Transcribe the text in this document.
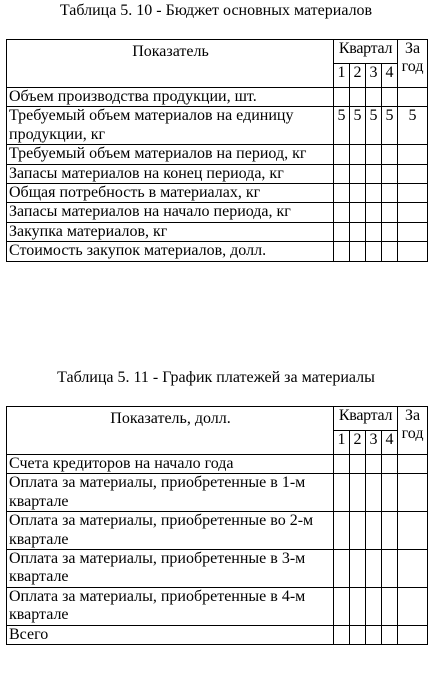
Таблица 5. 10 - Бюджет основных материалов
Показатель	Квартал				За год
	1	2	3	4	
Объем производства продукции, шт.					
Требуемый объем материалов на единицу продукции, кг	5	5	5	5	5
Требуемый объем материалов на период, кг					
Запасы материалов на конец периода, кг					
Общая потребность в материалах, кг					
Запасы материалов на начало периода, кг					
Закупка материалов, кг					
Стоимость закупок материалов, долл.					
Таблица 5. 11 - График платежей за материалы
Показатель, долл.	Квартал				За год
	1	2	3	4	
Счета кредиторов на начало года					
Оплата за материалы, приобретенные в 1-м квартале					
Оплата за материалы, приобретенные во 2-м квартале					
Оплата за материалы, приобретенные в 3-м квартале					
Оплата за материалы, приобретенные в 4-м квартале					
Всего					
